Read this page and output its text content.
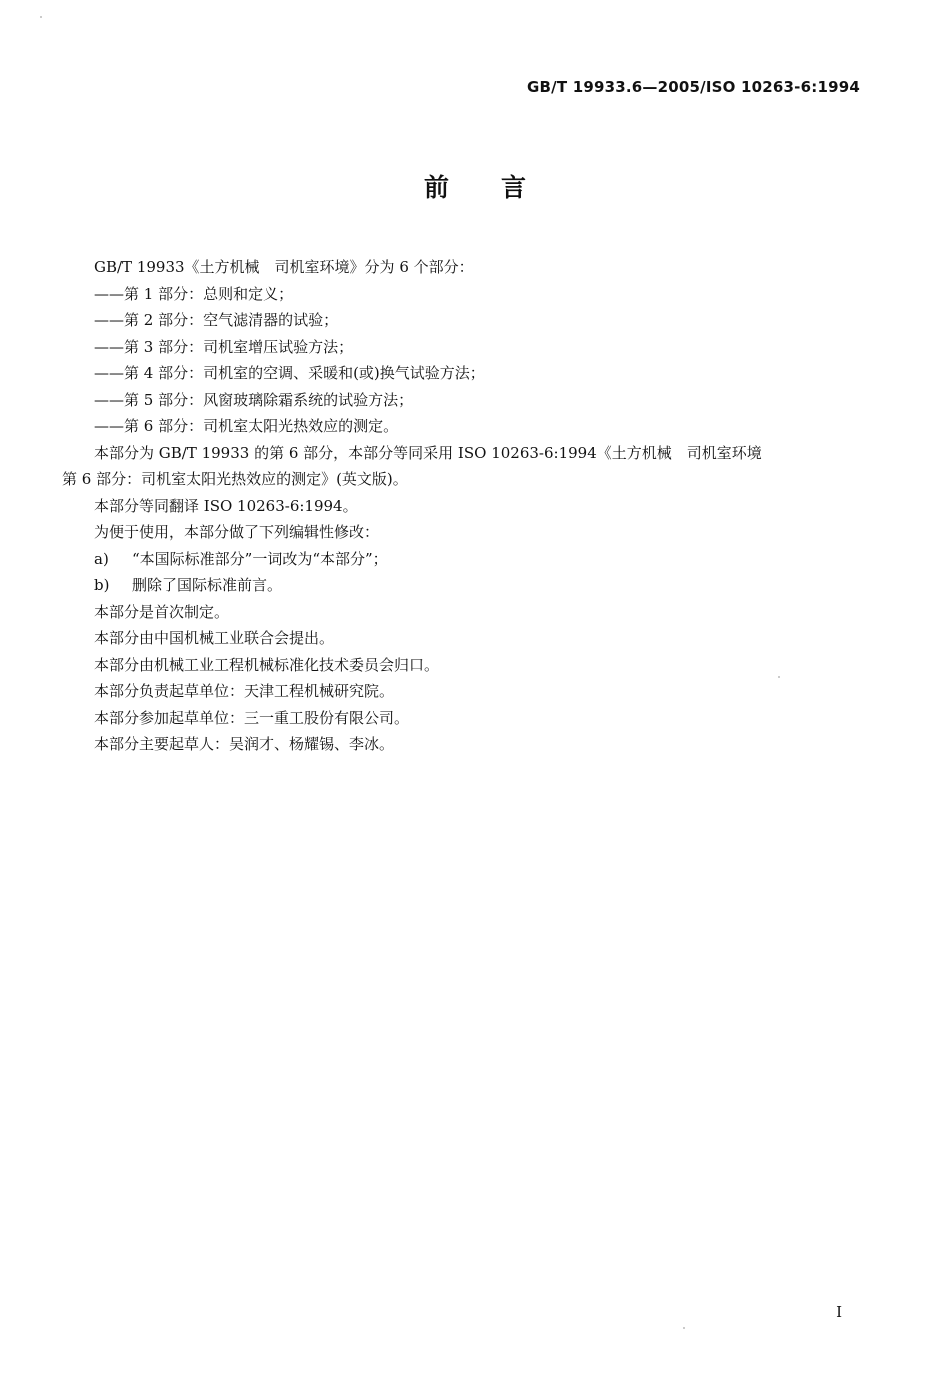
GB/T 19933.6—2005/ISO 10263-6:1994
前言

GB/T 19933《土方机械　司机室环境》分为 6 个部分：

——第 1 部分：总则和定义；

——第 2 部分：空气滤清器的试验；

——第 3 部分：司机室增压试验方法；

——第 4 部分：司机室的空调、采暖和(或)换气试验方法；

——第 5 部分：风窗玻璃除霜系统的试验方法；

——第 6 部分：司机室太阳光热效应的测定。

本部分为 GB/T 19933 的第 6 部分，本部分等同采用 ISO 10263-6:1994《土方机械　司机室环境

第 6 部分：司机室太阳光热效应的测定》(英文版)。

本部分等同翻译 ISO 10263-6:1994。

为便于使用，本部分做了下列编辑性修改：

a) “本国际标准部分”一词改为“本部分”；

b) 删除了国际标准前言。

本部分是首次制定。

本部分由中国机械工业联合会提出。

本部分由机械工业工程机械标准化技术委员会归口。

本部分负责起草单位：天津工程机械研究院。

本部分参加起草单位：三一重工股份有限公司。

本部分主要起草人：吴润才、杨耀锡、李冰。

I
